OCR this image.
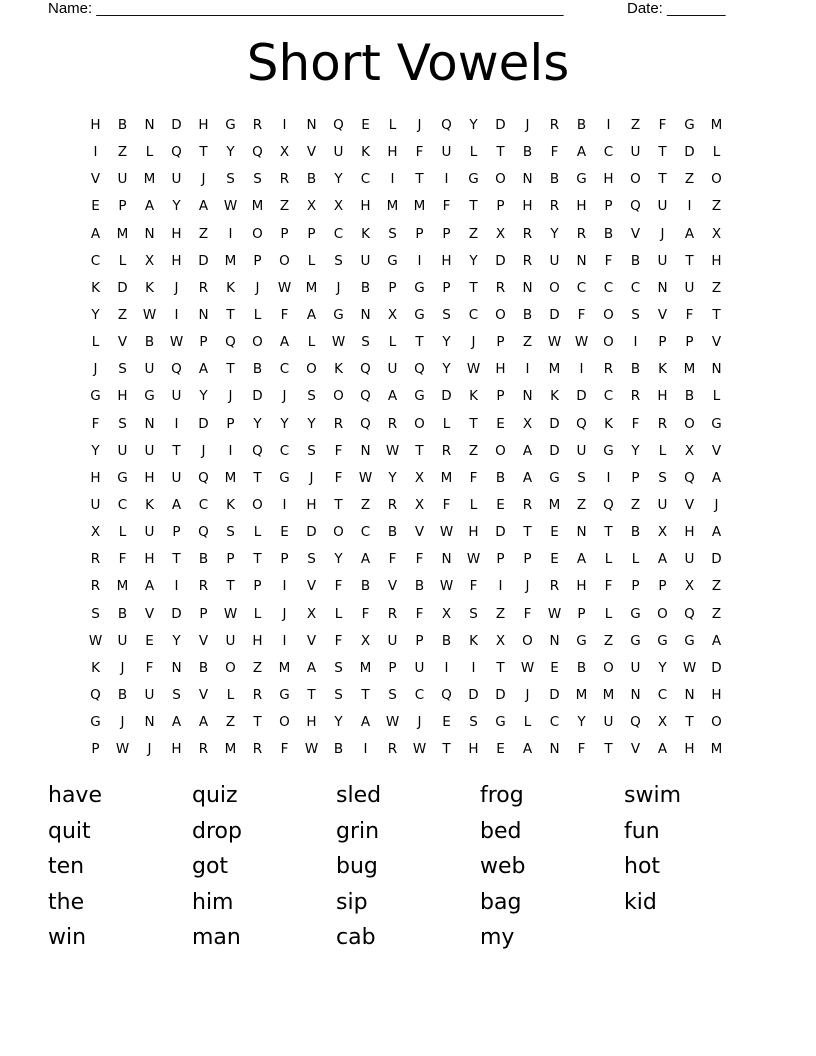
Name: ________________________________________________________	Date: _______
Short Vowels
H	B	N	D	H	G	R	I	N	Q	E	L	J	Q	Y	D	J	R	B	I	Z	F	G	M
I	Z	L	Q	T	Y	Q	X	V	U	K	H	F	U	L	T	B	F	A	C	U	T	D	L
V	U	M	U	J	S	S	R	B	Y	C	I	T	I	G	O	N	B	G	H	O	T	Z	O
E	P	A	Y	A	W	M	Z	X	X	H	M	M	F	T	P	H	R	H	P	Q	U	I	Z
A	M	N	H	Z	I	O	P	P	C	K	S	P	P	Z	X	R	Y	R	B	V	J	A	X
C	L	X	H	D	M	P	O	L	S	U	G	I	H	Y	D	R	U	N	F	B	U	T	H
K	D	K	J	R	K	J	W	M	J	B	P	G	P	T	R	N	O	C	C	C	N	U	Z
Y	Z	W	I	N	T	L	F	A	G	N	X	G	S	C	O	B	D	F	O	S	V	F	T
L	V	B	W	P	Q	O	A	L	W	S	L	T	Y	J	P	Z	W	W	O	I	P	P	V
J	S	U	Q	A	T	B	C	O	K	Q	U	Q	Y	W	H	I	M	I	R	B	K	M	N
G	H	G	U	Y	J	D	J	S	O	Q	A	G	D	K	P	N	K	D	C	R	H	B	L
F	S	N	I	D	P	Y	Y	Y	R	Q	R	O	L	T	E	X	D	Q	K	F	R	O	G
Y	U	U	T	J	I	Q	C	S	F	N	W	T	R	Z	O	A	D	U	G	Y	L	X	V
H	G	H	U	Q	M	T	G	J	F	W	Y	X	M	F	B	A	G	S	I	P	S	Q	A
U	C	K	A	C	K	O	I	H	T	Z	R	X	F	L	E	R	M	Z	Q	Z	U	V	J
X	L	U	P	Q	S	L	E	D	O	C	B	V	W	H	D	T	E	N	T	B	X	H	A
R	F	H	T	B	P	T	P	S	Y	A	F	F	N	W	P	P	E	A	L	L	A	U	D
R	M	A	I	R	T	P	I	V	F	B	V	B	W	F	I	J	R	H	F	P	P	X	Z
S	B	V	D	P	W	L	J	X	L	F	R	F	X	S	Z	F	W	P	L	G	O	Q	Z
W	U	E	Y	V	U	H	I	V	F	X	U	P	B	K	X	O	N	G	Z	G	G	G	A
K	J	F	N	B	O	Z	M	A	S	M	P	U	I	I	T	W	E	B	O	U	Y	W	D
Q	B	U	S	V	L	R	G	T	S	T	S	C	Q	D	D	J	D	M	M	N	C	N	H
G	J	N	A	A	Z	T	O	H	Y	A	W	J	E	S	G	L	C	Y	U	Q	X	T	O
P	W	J	H	R	M	R	F	W	B	I	R	W	T	H	E	A	N	F	T	V	A	H	M
have	quiz	sled	frog	swim
quit	drop	grin	bed	fun
ten	got	bug	web	hot
the	him	sip	bag	kid
win	man	cab	my
